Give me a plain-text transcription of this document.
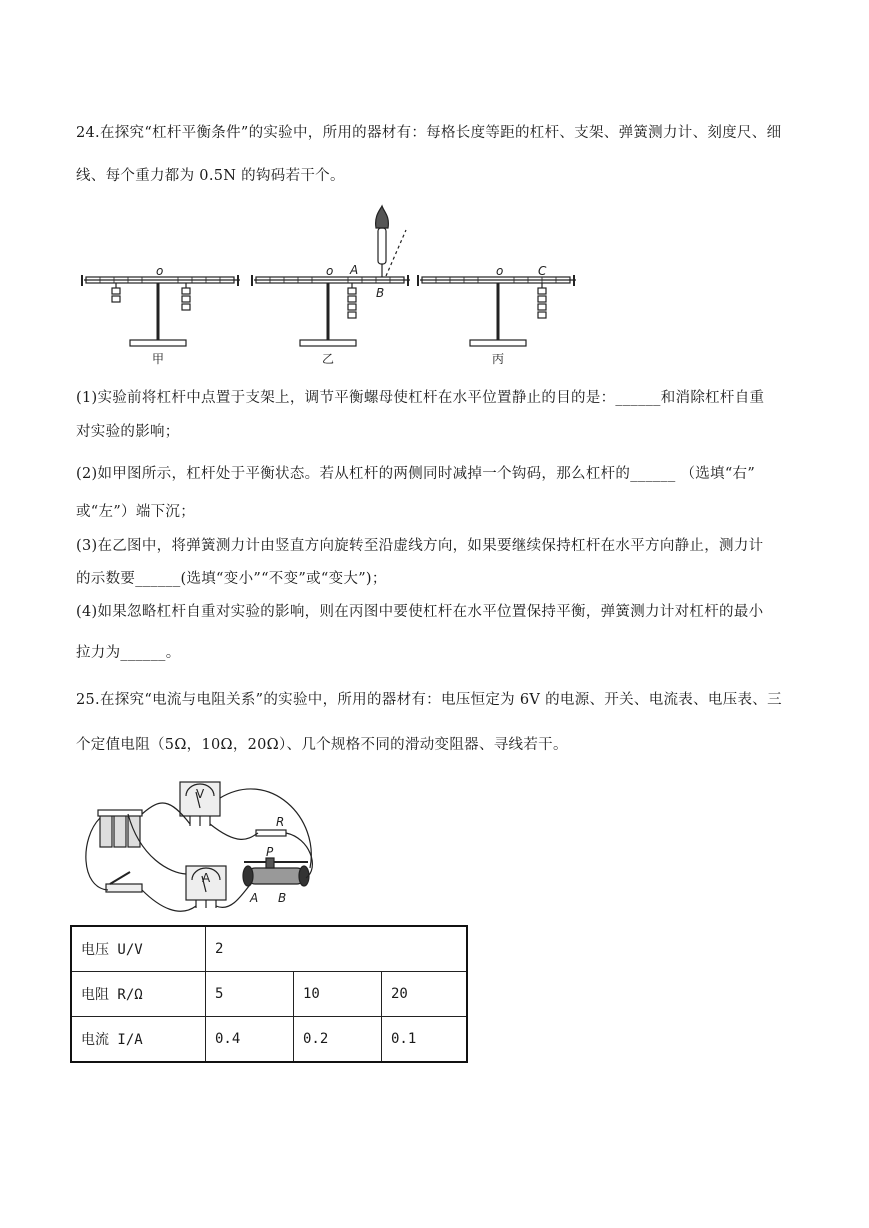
24.在探究“杠杆平衡条件”的实验中，所用的器材有：每格长度等距的杠杆、支架、弹簧测力计、刻度尺、细
线、每个重力都为 0.5N 的钩码若干个。
o	o A
B
o	C
甲	乙	丙
(1)实验前将杠杆中点置于支架上，调节平衡螺母使杠杆在水平位置静止的目的是：______和消除杠杆自重
对实验的影响；
(2)如甲图所示，杠杆处于平衡状态。若从杠杆的两侧同时减掉一个钩码，那么杠杆的______ （选填“右”
或“左”）端下沉；
(3)在乙图中，将弹簧测力计由竖直方向旋转至沿虚线方向，如果要继续保持杠杆在水平方向静止，测力计
的示数要______(选填“变小”“不变”或“变大”)；
(4)如果忽略杠杆自重对实验的影响，则在丙图中要使杠杆在水平位置保持平衡，弹簧测力计对杠杆的最小
拉力为______。
25.在探究“电流与电阻关系”的实验中，所用的器材有：电压恒定为 6V 的电源、开关、电流表、电压表、三
个定值电阻（5Ω，10Ω，20Ω）、几个规格不同的滑动变阻器、寻线若干。
R
P
A B
V
A
电压 U/V	2		
电阻 R/Ω	5	10	20
电流 I/A	0.4	0.2	0.1
